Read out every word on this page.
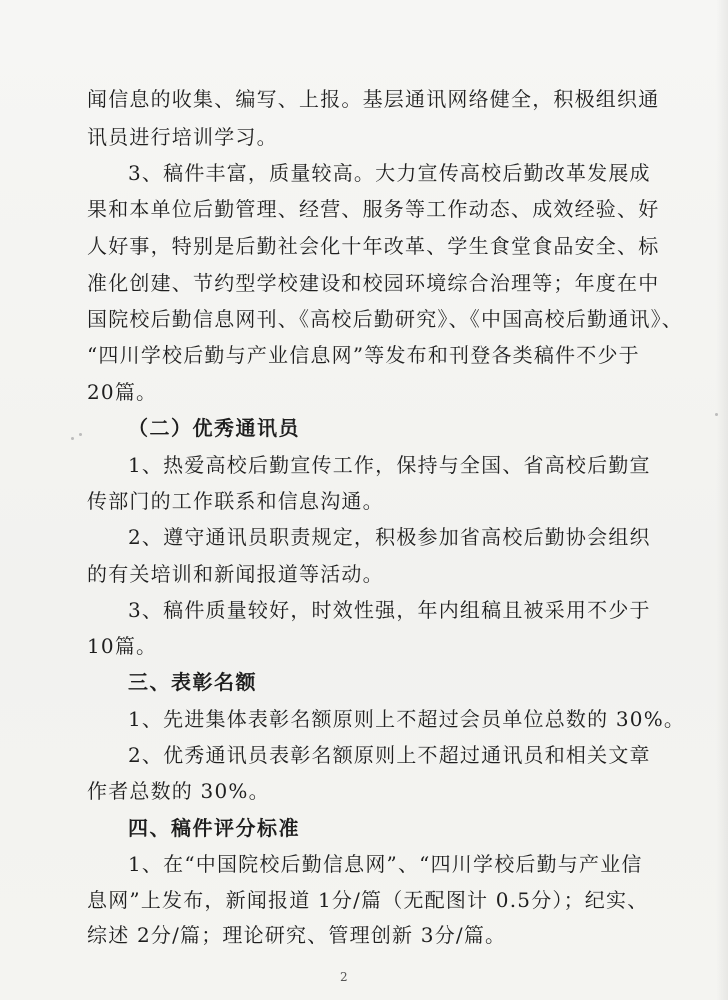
闻信息的收集、编写、上报。基层通讯网络健全，积极组织通
讯员进行培训学习。
3、稿件丰富，质量较高。大力宣传高校后勤改革发展成
果和本单位后勤管理、经营、服务等工作动态、成效经验、好
人好事，特别是后勤社会化十年改革、学生食堂食品安全、标
准化创建、节约型学校建设和校园环境综合治理等；年度在中
国院校后勤信息网刊、《高校后勤研究》、《中国高校后勤通讯》、
“四川学校后勤与产业信息网”等发布和刊登各类稿件不少于
20篇。
（二）优秀通讯员
1、热爱高校后勤宣传工作，保持与全国、省高校后勤宣
传部门的工作联系和信息沟通。
2、遵守通讯员职责规定，积极参加省高校后勤协会组织
的有关培训和新闻报道等活动。
3、稿件质量较好，时效性强，年内组稿且被采用不少于
10篇。
三、表彰名额
1、先进集体表彰名额原则上不超过会员单位总数的 30%。
2、优秀通讯员表彰名额原则上不超过通讯员和相关文章
作者总数的 30%。
四、稿件评分标准
1、在“中国院校后勤信息网”、“四川学校后勤与产业信
息网”上发布，新闻报道 1分/篇（无配图计 0.5分）；纪实、
综述 2分/篇；理论研究、管理创新 3分/篇。
2
